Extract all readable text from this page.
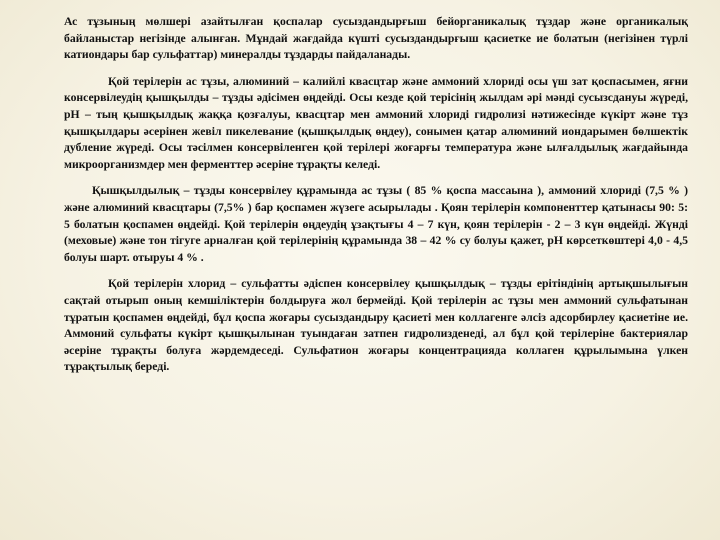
Ас тұзының мөлшері азайтылған қоспалар сусыздандырғыш бейорганикалық тұздар және органикалық байланыстар негізінде алынған. Мұндай жағдайда күшті сусыздандырғыш қасиетке ие болатын (негізінен түрлі катиондары бар сульфаттар) минералды тұздарды пайдаланады.

Қой терілерін ас тұзы, алюминий – калийлі квасцтар және аммоний хлориді осы үш зат қоспасымен, яғни консервілеудің қышқылды – тұзды әдісімен өңдейді. Осы кезде қой терісінің жылдам әрі мәнді сусызсдануы жүреді, рН – тың қышқылдық жаққа қозғалуы, квасцтар мен аммоний хлориді гидролизі нәтижесінде күкірт және тұз қышқылдары әсерінен жевіл пикелевание (қышқылдық өңдеу), сонымен қатар алюминий иондарымен бөлшектік дубление жүреді. Осы тәсілмен консервіленген қой терілері жоғарғы температура және ылғалдылық жағдайында микроорганизмдер мен ферменттер әсеріне тұрақты келеді.

Қышқылдылық – тұзды консервілеу құрамында ас тұзы ( 85 % қоспа массаына ), аммоний хлориді (7,5 % ) және алюминий квасцтары (7,5% ) бар қоспамен жүзеге асырылады . Қоян терілерін компоненттер қатынасы 90: 5: 5 болатын қоспамен өңдейді. Қой терілерін өңдеудің ұзақтығы 4 – 7 күн, қоян терілерін - 2 – 3 күн өңдейді. Жүнді (меховые) және тон тігуге арналған қой терілерінің құрамында 38 – 42 % су болуы қажет, рН көрсеткөштері 4,0 - 4,5 болуы шарт. отыруы 4 % .

Қой терілерін хлорид – сульфатты әдіспен консервілеу қышқылдық – тұзды ерітіндінің артықшылығын сақтай отырып оның кемшіліктерін болдыруға жол бермейді. Қой терілерін ас тұзы мен аммоний сульфатынан тұратын қоспамен өңдейді, бұл қоспа жоғары сусыздандыру қасиеті мен коллагенге әлсіз адсорбирлеу қасиетіне ие. Аммоний сульфаты күкірт қышқылынан туындаған затпен гидролизденеді, ал бұл қой терілеріне бактериялар әсеріне тұрақты болуға жәрдемдеседі. Сульфатион жоғары концентрацияда коллаген құрылымына үлкен тұрақтылық береді.
